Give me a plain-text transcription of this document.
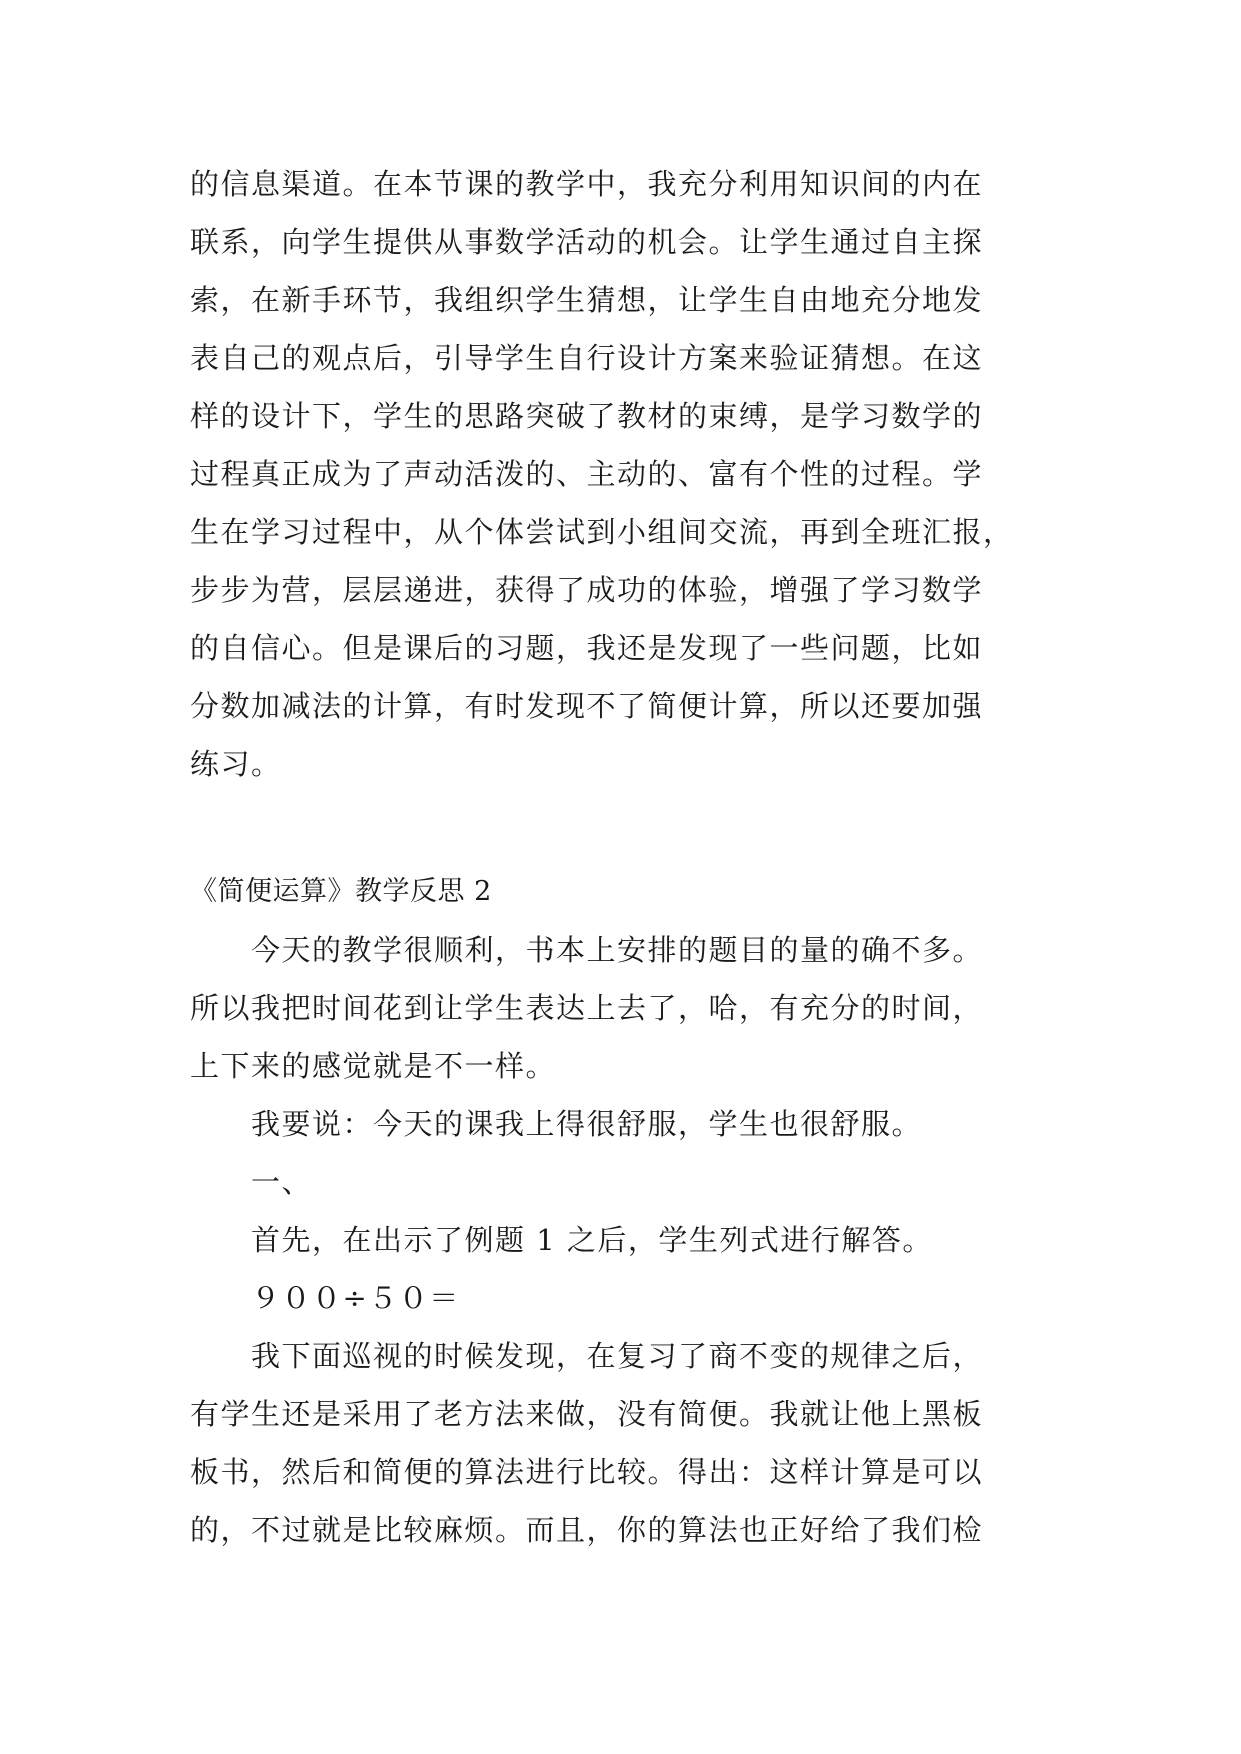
的信息渠道。在本节课的教学中，我充分利用知识间的内在
联系，向学生提供从事数学活动的机会。让学生通过自主探
索，在新手环节，我组织学生猜想，让学生自由地充分地发
表自己的观点后，引导学生自行设计方案来验证猜想。在这
样的设计下，学生的思路突破了教材的束缚，是学习数学的
过程真正成为了声动活泼的、主动的、富有个性的过程。学
生在学习过程中，从个体尝试到小组间交流，再到全班汇报，
步步为营，层层递进，获得了成功的体验，增强了学习数学
的自信心。但是课后的习题，我还是发现了一些问题，比如
分数加减法的计算，有时发现不了简便计算，所以还要加强
练习。
《简便运算》教学反思 2
　　今天的教学很顺利，书本上安排的题目的量的确不多。
所以我把时间花到让学生表达上去了，哈，有充分的时间，
上下来的感觉就是不一样。
　　我要说：今天的课我上得很舒服，学生也很舒服。
　　一、
　　首先，在出示了例题 1 之后，学生列式进行解答。
　　９００÷５０＝
　　我下面巡视的时候发现，在复习了商不变的规律之后，
有学生还是采用了老方法来做，没有简便。我就让他上黑板
板书，然后和简便的算法进行比较。得出：这样计算是可以
的，不过就是比较麻烦。而且，你的算法也正好给了我们检
